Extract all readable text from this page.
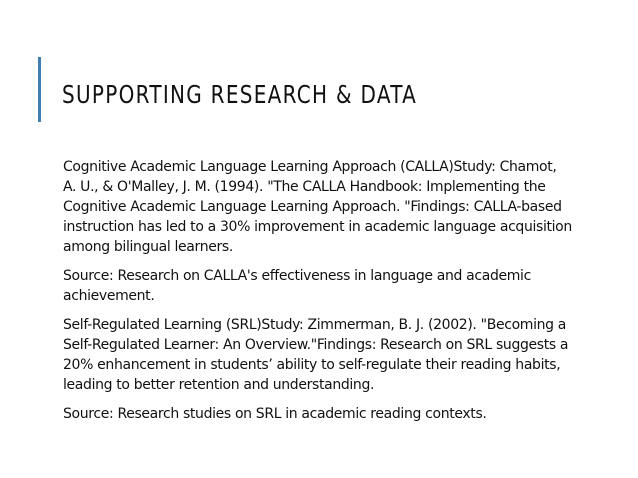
SUPPORTING RESEARCH & DATA

Cognitive Academic Language Learning Approach (CALLA)Study: Chamot, A. U., & O'Malley, J. M. (1994). "The CALLA Handbook: Implementing the Cognitive Academic Language Learning Approach. "Findings: CALLA-based instruction has led to a 30% improvement in academic language acquisition among bilingual learners.

Source: Research on CALLA's effectiveness in language and academic achievement.

Self-Regulated Learning (SRL)Study: Zimmerman, B. J. (2002). "Becoming a Self-Regulated Learner: An Overview."Findings: Research on SRL suggests a 20% enhancement in students’ ability to self-regulate their reading habits, leading to better retention and understanding.

Source: Research studies on SRL in academic reading contexts.
